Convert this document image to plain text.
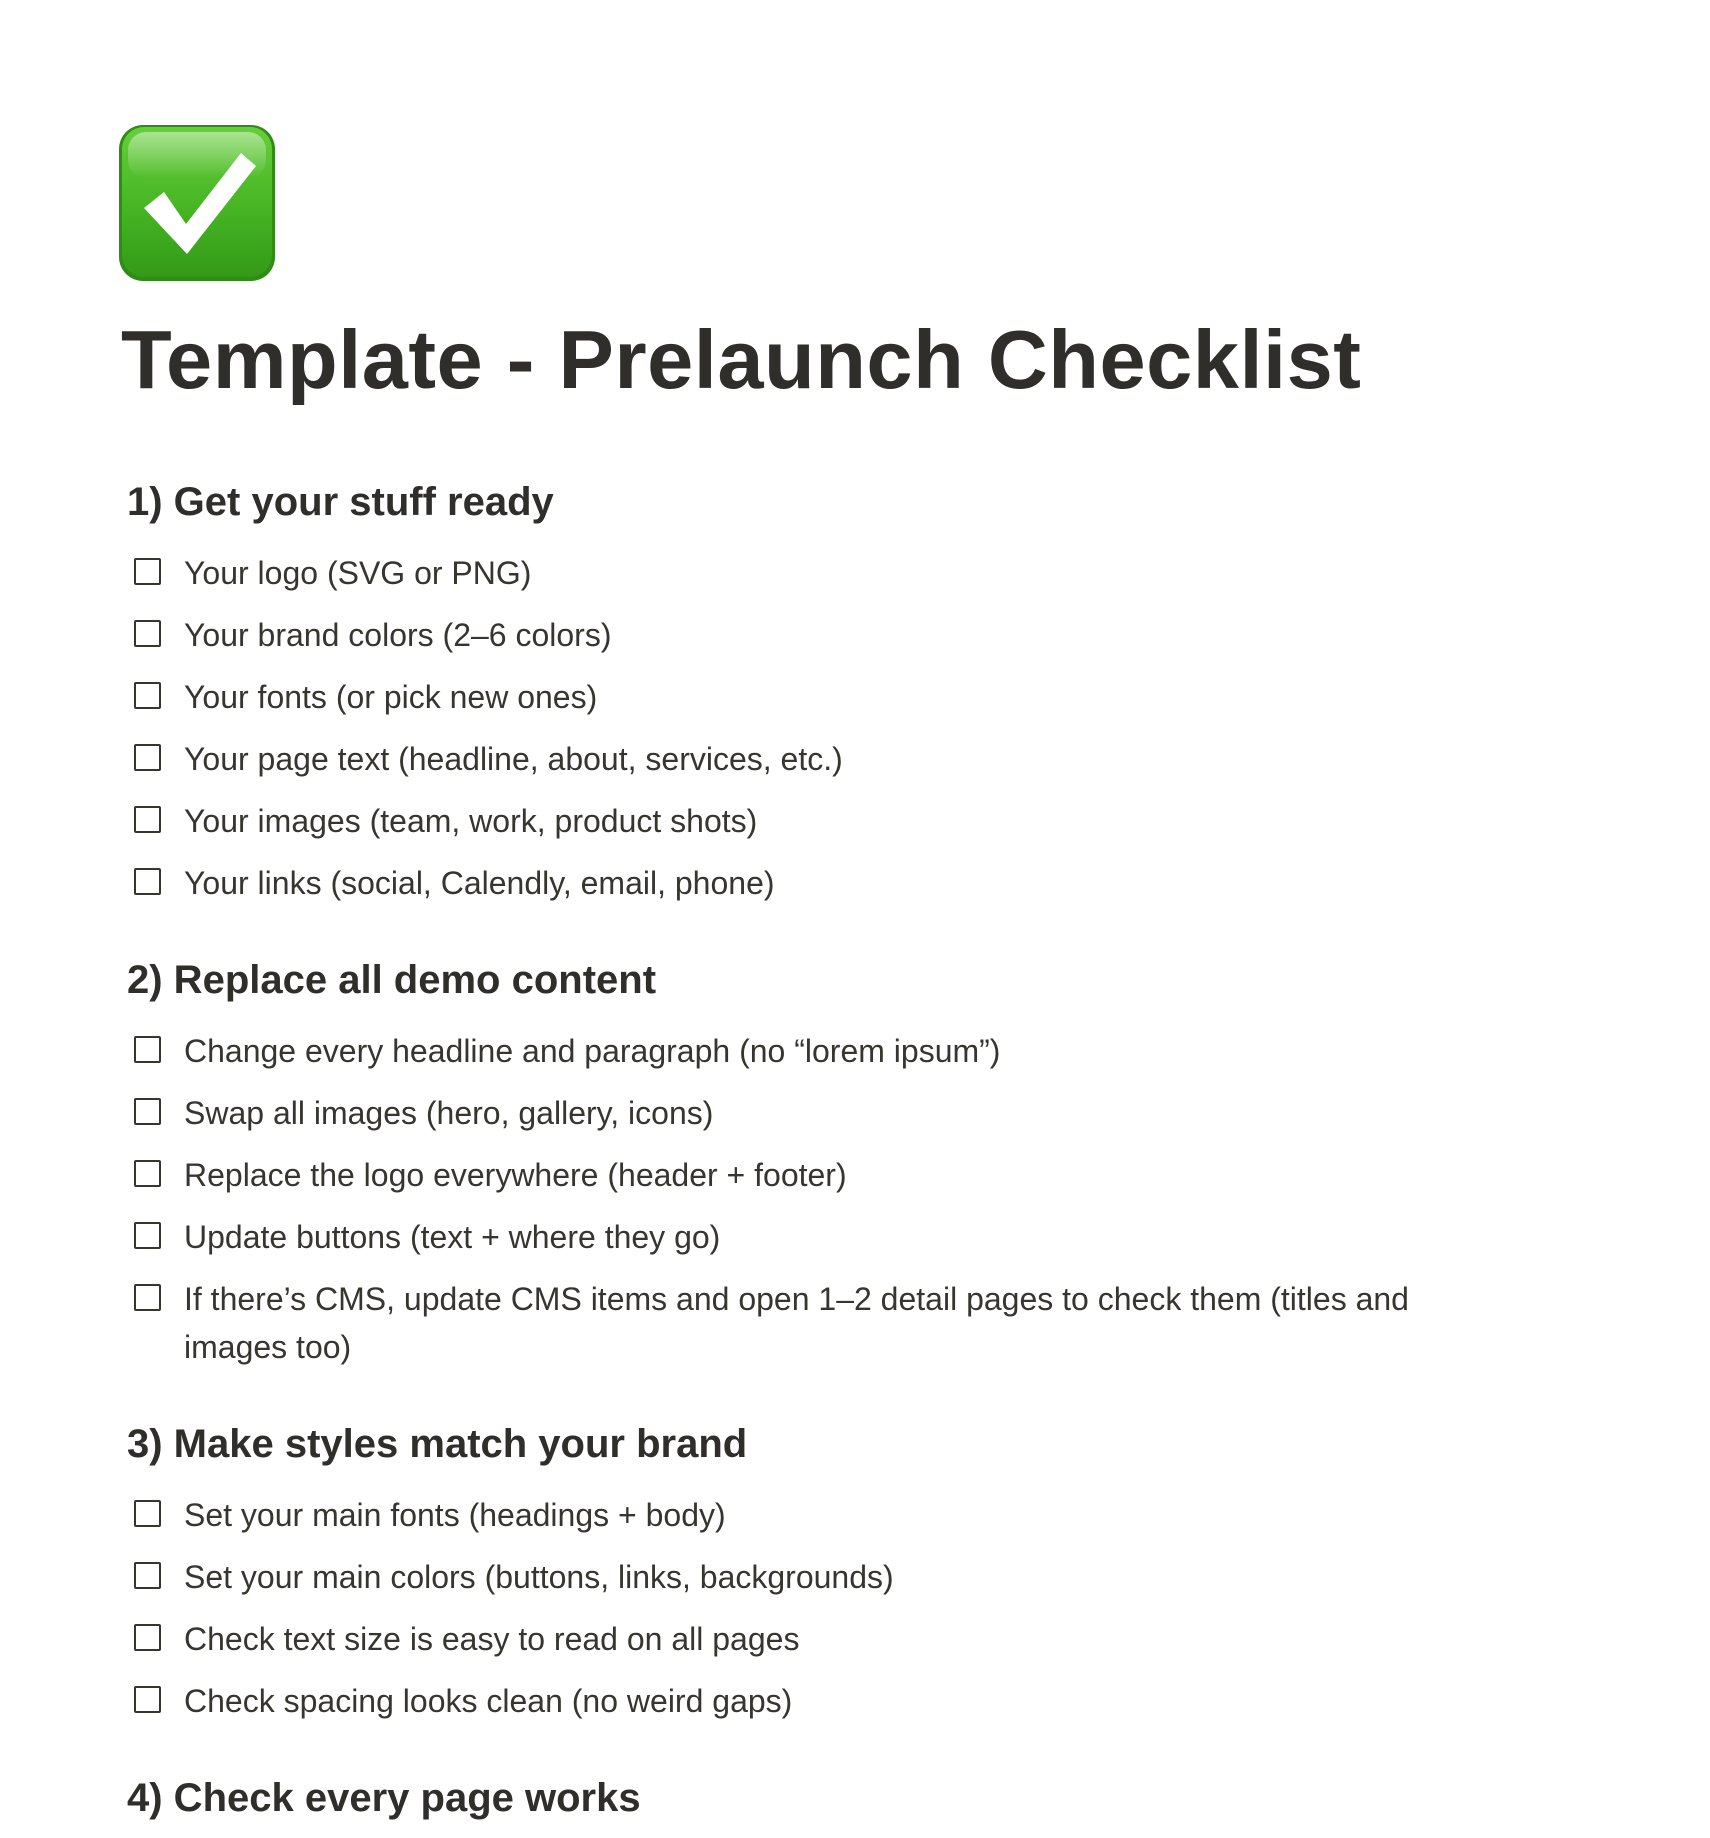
Template - Prelaunch Checklist
1) Get your stuff ready
Your logo (SVG or PNG)
Your brand colors (2–6 colors)
Your fonts (or pick new ones)
Your page text (headline, about, services, etc.)
Your images (team, work, product shots)
Your links (social, Calendly, email, phone)
2) Replace all demo content
Change every headline and paragraph (no “lorem ipsum”)
Swap all images (hero, gallery, icons)
Replace the logo everywhere (header + footer)
Update buttons (text + where they go)
If there’s CMS, update CMS items and open 1–2 detail pages to check them (titles and images too)
3) Make styles match your brand
Set your main fonts (headings + body)
Set your main colors (buttons, links, backgrounds)
Check text size is easy to read on all pages
Check spacing looks clean (no weird gaps)
4) Check every page works
